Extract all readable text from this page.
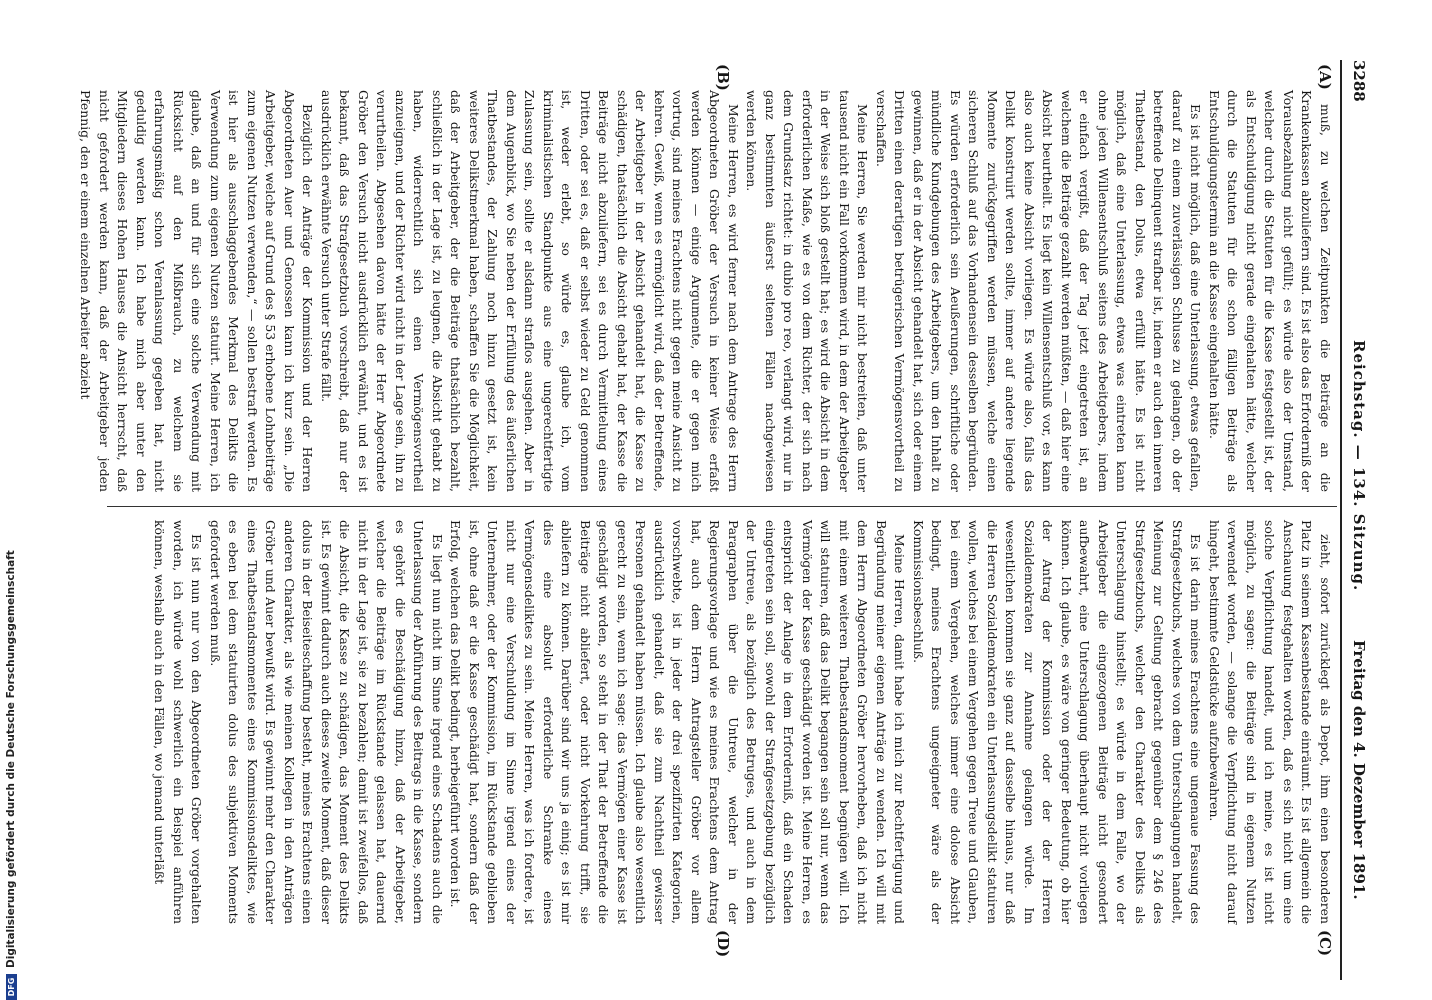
3288
Reichstag. — 134. Sitzung.
Freitag den 4. Dezember 1891.
(A)
(B)
(C)
(D)

muß, zu welchen Zeitpunkten die Beiträge an die Krankenkassen abzuliefern sind. Es ist also das Erforderniß der Vorausbezahlung nicht gefüllt; es würde also der Umstand, welcher durch die Statuten für die Kasse festgestellt ist, der als Entschuldigung nicht gerade eingehalten hätte, welcher durch die Statuten für die schon fälligen Beiträge als Entschuldigungstermin an die Kasse eingehalten hätte.

Es ist nicht möglich, daß eine Unterlassung, etwas gefallen, darauf zu einem zuverlässigen Schlusse zu gelangen, ob der betreffende Delinquent strafbar ist, indem er auch den inneren Thatbestand, den Dolus, etwa erfüllt hätte. Es ist nicht möglich, daß eine Unterlassung, etwas was eintreten kann ohne jeden Willensentschluß seitens des Arbeitgebers, indem er einfach vergißt, daß der Tag jetzt eingetreten ist, an welchem die Beiträge gezahlt werden müßten, — daß hier eine Absicht beurtheilt. Es liegt kein Willensentschluß vor, es kann also auch keine Absicht vorliegen. Es würde also, falls das Delikt konstruirt werden sollte, immer auf andere liegende Momente zurückgegriffen werden müssen, welche einen sicheren Schluß auf das Vorhandensein desselben begründen. Es würden erforderlich sein Aeußerungen, schriftliche oder mündliche Kundgebungen des Arbeitgebers, um den Inhalt zu gewinnen, daß er in der Absicht gehandelt hat, sich oder einem Dritten einen derartigen betrügerischen Vermögensvortheil zu verschaffen.

Meine Herren, Sie werden mir nicht bestreiten, daß unter tausend nicht ein Fall vorkommen wird, in dem der Arbeitgeber in der Weise sich bloß gestellt hat; es wird die Absicht in dem erforderlichen Maße, wie es von dem Richter, der sich nach dem Grundsatz richtet: in dubio pro reo, verlangt wird, nur in ganz bestimmten äußerst seltenen Fällen nachgewiesen werden können.

Meine Herren, es wird ferner nach dem Antrage des Herrn Abgeordneten Gröber der Versuch in keiner Weise erfaßt werden können — einige Argumente, die er gegen mich vortrug, sind meines Erachtens nicht gegen meine Ansicht zu kehren. Gewiß, wenn es ermöglicht wird, daß der Betreffende, der Arbeitgeber in der Absicht gehandelt hat, die Kasse zu schädigen, thatsächlich die Absicht gehabt hat, der Kasse die Beiträge nicht abzuliefern, sei es durch Vermittelung eines Dritten, oder sei es, daß er selbst wieder zu Geld genommen ist, weder erlebt, so würde es, glaube ich, vom kriminalistischen Standpunkte aus eine ungerechtfertigte Zulassung sein, sollte er alsdann straflos ausgehen. Aber in dem Augenblick, wo Sie neben der Erfüllung des äußerlichen Thatbestandes, der Zahlung noch hinzu gesetzt ist, kein weiteres Delikstmerkmal haben, schaffen Sie die Möglichkeit, daß der Arbeitgeber, der die Beiträge thatsächlich bezahlt, schließlich in der Lage ist, zu leugnen, die Absicht gehabt zu haben, widerrechtlich sich einen Vermögensvortheil anzueignen, und der Richter wird nicht in der Lage sein, ihn zu verurtheilen. Abgesehen davon hätte der Herr Abgeordnete Gröber den Versuch nicht ausdrücklich erwähnt, und es ist bekannt, daß das Strafgesetzbuch vorschreibt, daß nur der ausdrücklich erwähnte Versuch unter Strafe fällt.

Bezüglich der Anträge der Kommission und der Herren Abgeordneten Auer und Genossen kann ich kurz sein. „Die Arbeitgeber, welche auf Grund des § 53 erhobene Lohnbeiträge zum eigenen Nutzen verwenden,“ — sollen bestraft werden. Es ist hier als ausschlaggebendes Merkmal des Delikts die Verwendung zum eigenen Nutzen statuirt. Meine Herren, ich glaube, daß an und für sich eine solche Verwendung mit Rücksicht auf den Mißbrauch, zu welchem sie erfahrungsmäßig schon Veranlassung gegeben hat, nicht geduldig werden kann. Ich habe mich aber unter den Mitgliedern dieses Hohen Hauses die Ansicht herrscht, daß nicht gefordert werden kann, daß der Arbeitgeber jeden Pfennig, den er einem einzelnen Arbeiter abzieht

zieht, sofort zurücklegt als Depot, ihm einen besonderen Platz in seinem Kassenbestande einräumt. Es ist allgemein die Anschauung festgehalten worden, daß es sich nicht um eine solche Verpflichtung handelt, und ich meine, es ist nicht möglich, zu sagen: die Beiträge sind in eigenem Nutzen verwendet worden, — solange die Verpflichtung nicht darauf hingeht, bestimmte Geldstücke aufzubewahren.

Es ist darin meines Erachtens eine ungenaue Fassung des Strafgesetzbuchs, welches von dem Unterschlagungen handelt, Meinung zur Geltung gebracht gegenüber dem § 246 des Strafgesetzbuchs, welcher den Charakter des Delikts als Unterschlagung hinstellt; es würde in dem Falle, wo der Arbeitgeber die eingezogenen Beiträge nicht gesondert aufbewahrt, eine Unterschlagung überhaupt nicht vorliegen können. Ich glaube, es wäre von geringer Bedeutung, ob hier der Antrag der Kommission oder der der Herren Sozialdemokraten zur Annahme gelangen würde. Im wesentlichen kommen sie ganz auf dasselbe hinaus, nur daß die Herren Sozialdemokraten ein Unterlassungsdelikt statuiren wollen, welches bei einem Vergehen gegen Treue und Glauben, bei einem Vergehen, welches immer eine dolose Absicht bedingt, meines Erachtens ungeeigneter wäre als der Kommissionsbeschluß.

Meine Herren, damit habe ich mich zur Rechtfertigung und Begründung meiner eigenen Anträge zu wenden. Ich will mit dem Herrn Abgeordneten Gröber hervorheben, daß ich nicht mit einem weiteren Thatbestandsmoment begnügen will. Ich will statuiren, daß das Delikt begangen sein soll nur, wenn das Vermögen der Kasse geschädigt worden ist. Meine Herren, es entspricht der Anlage in dem Erforderniß, daß ein Schaden eingetreten sein soll, sowohl der Strafgesetzgebung bezüglich der Untreue, als bezüglich des Betruges, und auch in dem Paragraphen über die Untreue, welcher in der Regierungsvorlage und wie es meines Erachtens dem Antrag hat, auch dem Herrn Antragsteller Gröber vor allem vorschwebte, ist in jeder der drei spezifizirten Kategorien, ausdrücklich gehandelt, daß sie zum Nachtheil gewisser Personen gehandelt haben müssen. Ich glaube also wesentlich gerecht zu sein, wenn ich sage: das Vermögen einer Kasse ist geschädigt worden, so steht in der That der Betreffende die Beiträge nicht abliefert, oder nicht Vorkehrung trifft, sie abliefern zu können. Darüber sind wir uns ja einig; es ist mir dies eine absolut erforderliche Schranke eines Vermögensdeliktes zu sein. Meine Herren, was ich fordere, ist nicht nur eine Verschuldung im Sinne irgend eines der Unternehmer, oder der Kommission, im Rückstande geblieben ist, ohne daß er die Kasse geschädigt hat, sondern daß der Erfolg, welchen das Delikt bedingt, herbeigeführt worden ist.

Es liegt nun nicht im Sinne irgend eines Schadens auch die Unterlassung der Abführung des Beitrags in die Kasse, sondern es gehört die Beschädigung hinzu, daß der Arbeitgeber, welcher die Beiträge im Rückstande gelassen hat, dauernd nicht in der Lage ist, sie zu bezahlen; damit ist zweifellos, daß die Absicht, die Kasse zu schädigen, das Moment des Delikts ist. Es gewinnt dadurch auch dieses zweite Moment, daß dieser dolus in der Beiseiteschaffung besteht, meines Erachtens einen anderen Charakter, als wie meinen Kollegen in den Anträgen Gröber und Auer bewußt wird. Es gewinnt mehr den Charakter eines Thatbestandsmomentes eines Kommissionsdeliktes, wie es eben bei dem statuirten dolus des subjektiven Moments gefordert werden muß.

Es ist nun nur von den Abgeordneten Gröber vorgehalten worden, ich würde wohl schwerlich ein Beispiel anführen können, weshalb auch in den Fällen, wo jemand unterläßt

DFGDigitalisierung gefördert durch die Deutsche Forschungsgemeinschaft
